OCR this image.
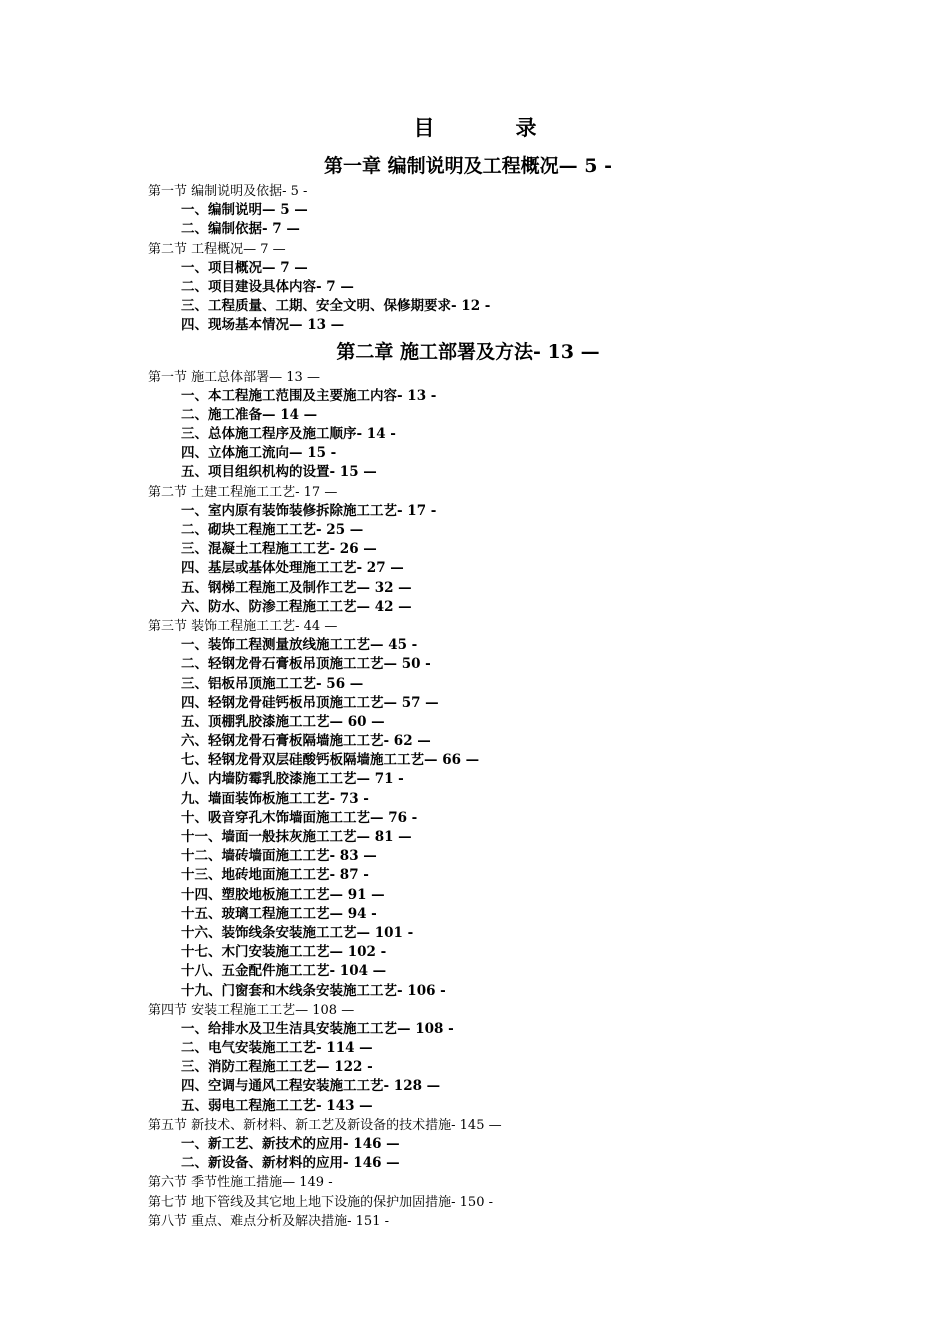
目　录
第一章 编制说明及工程概况— 5 -
第一节 编制说明及依据- 5 -
一、编制说明— 5 —
二、编制依据- 7 —
第二节 工程概况— 7 —
一、项目概况— 7 —
二、项目建设具体内容- 7 —
三、工程质量、工期、安全文明、保修期要求- 12 -
四、现场基本情况— 13 —
第二章 施工部署及方法- 13 —
第一节 施工总体部署— 13 —
一、本工程施工范围及主要施工内容- 13 -
二、施工准备— 14 —
三、总体施工程序及施工顺序- 14 -
四、立体施工流向— 15 -
五、项目组织机构的设置- 15 —
第二节 土建工程施工工艺- 17 —
一、室内原有装饰装修拆除施工工艺- 17 -
二、砌块工程施工工艺- 25 —
三、混凝土工程施工工艺- 26 —
四、基层或基体处理施工工艺- 27 —
五、钢梯工程施工及制作工艺— 32 —
六、防水、防渗工程施工工艺— 42 —
第三节 装饰工程施工工艺- 44 —
一、装饰工程测量放线施工工艺— 45 -
二、轻钢龙骨石膏板吊顶施工工艺— 50 -
三、铝板吊顶施工工艺- 56 —
四、轻钢龙骨硅钙板吊顶施工工艺— 57 —
五、顶棚乳胶漆施工工艺— 60 —
六、轻钢龙骨石膏板隔墙施工工艺- 62 —
七、轻钢龙骨双层硅酸钙板隔墙施工工艺— 66 —
八、内墙防霉乳胶漆施工工艺— 71 -
九、墙面装饰板施工工艺- 73 -
十、吸音穿孔木饰墙面施工工艺— 76 -
十一、墙面一般抹灰施工工艺— 81 —
十二、墙砖墙面施工工艺- 83 —
十三、地砖地面施工工艺- 87 -
十四、塑胶地板施工工艺— 91 —
十五、玻璃工程施工工艺— 94 -
十六、装饰线条安装施工工艺— 101 -
十七、木门安装施工工艺— 102 -
十八、五金配件施工工艺- 104 —
十九、门窗套和木线条安装施工工艺- 106 -
第四节 安装工程施工工艺— 108 —
一、给排水及卫生洁具安装施工工艺— 108 -
二、电气安装施工工艺- 114 —
三、消防工程施工工艺— 122 -
四、空调与通风工程安装施工工艺- 128 —
五、弱电工程施工工艺- 143 —
第五节 新技术、新材料、新工艺及新设备的技术措施- 145 —
一、新工艺、新技术的应用- 146 —
二、新设备、新材料的应用- 146 —
第六节 季节性施工措施— 149 -
第七节 地下管线及其它地上地下设施的保护加固措施- 150 -
第八节 重点、难点分析及解决措施- 151 -
